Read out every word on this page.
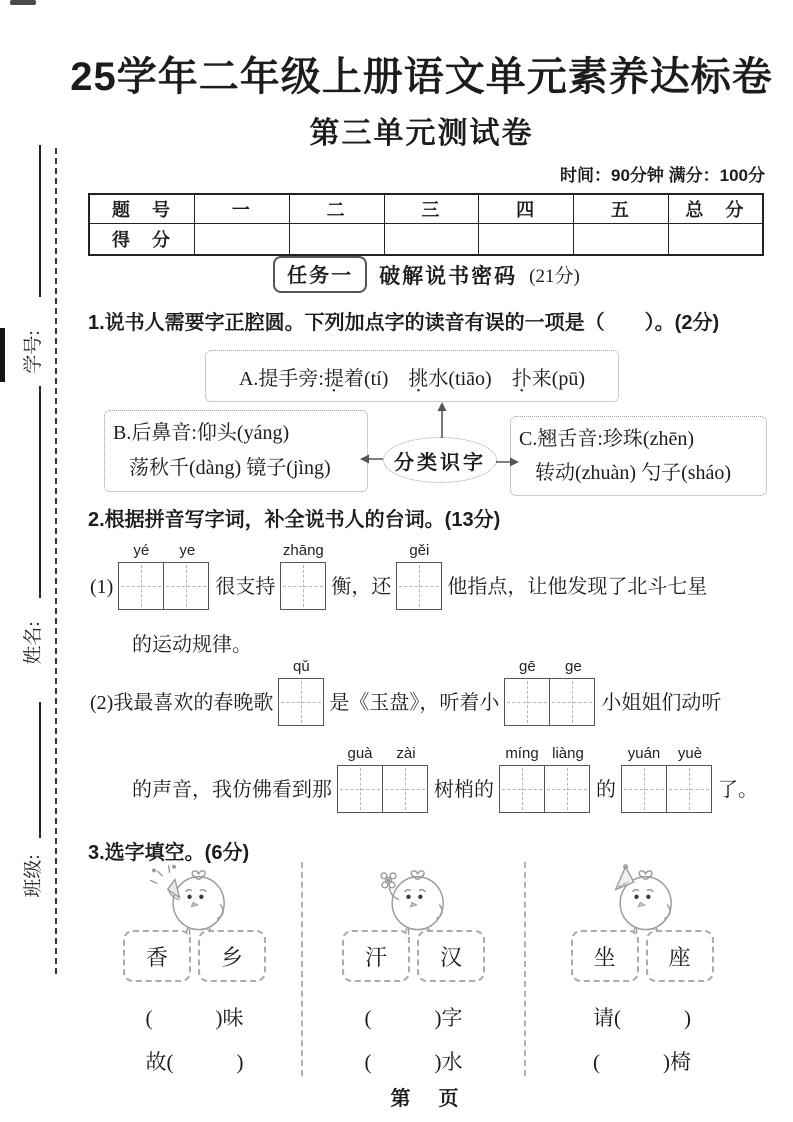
学号:
姓名:
班级:
25学年二年级上册语文单元素养达标卷
第三单元测试卷
时间：90分钟 满分：100分
题　号	一	二	三	四	五	总　分
得　分						
任务一	破解说书密码 (21分)
1.说书人需要字正腔圆。下列加点字的读音有误的一项是（　　）。(2分)
A.提手旁: 提 • 着(tí)　 挑 • 水(tiāo)　 扑 • 来(pū)
B.后鼻音:仰 •头(yáng)
荡 •秋千(dàng) 镜 •子(jìng)
C.翘舌音:珍 •珠(zhēn)
转 •动(zhuàn) 勺 •子(sháo)
分类识字
2.根据拼音写字词，补全说书人的台词。(13分)
(1)
yé	ye
很支持
zhāng
衡，还
gěi
他指点，让他发现了北斗七星
的运动规律。
(2)我最喜欢的春晚歌
qǔ
是《玉盘》，听着小
gē	ge
小姐姐们动听
的声音，我仿佛看到那
guà	zài
树梢的
míng liàng
的
yuán	yuè
了。
3.选字填空。(6分)
香	乡
(　　　)味
故(　　　)
汗	汉
(　　　)字
(　　　)水
坐	座
请(　　　)
(　　　)椅
第　页
